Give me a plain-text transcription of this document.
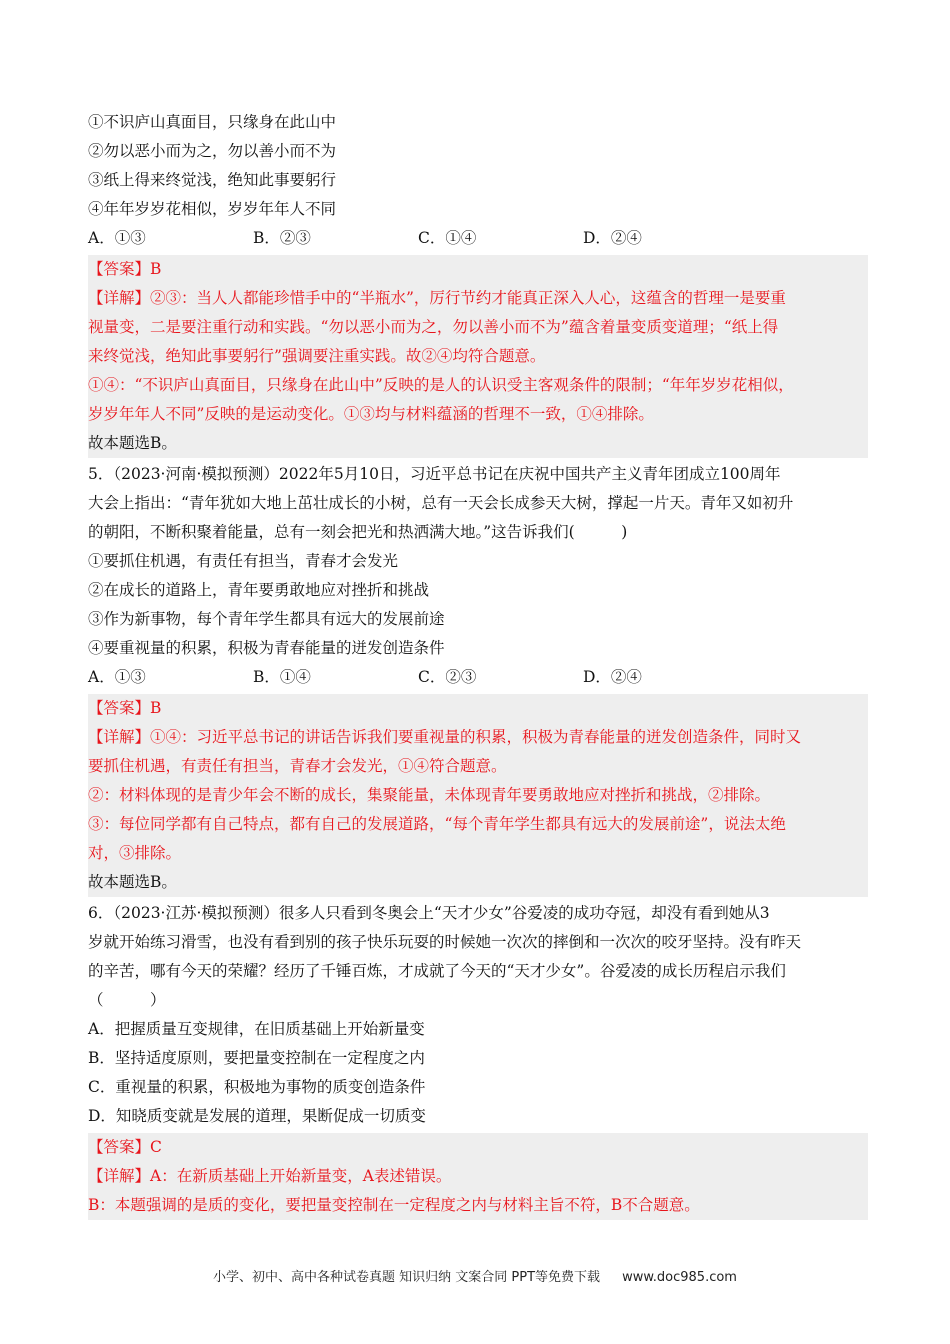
①不识庐山真面目，只缘身在此山中
②勿以恶小而为之，勿以善小而不为
③纸上得来终觉浅，绝知此事要躬行
④年年岁岁花相似，岁岁年年人不同
A．①③	B．②③	C．①④	D．②④
【答案】B
【详解】②③：当人人都能珍惜手中的“半瓶水”，厉行节约才能真正深入人心，这蕴含的哲理一是要重
视量变，二是要注重行动和实践。“勿以恶小而为之，勿以善小而不为”蕴含着量变质变道理；“纸上得
来终觉浅，绝知此事要躬行”强调要注重实践。故②④均符合题意。
①④：“不识庐山真面目，只缘身在此山中”反映的是人的认识受主客观条件的限制；“年年岁岁花相似，
岁岁年年人不同”反映的是运动变化。①③均与材料蕴涵的哲理不一致，①④排除。
故本题选B。
5．（2023·河南·模拟预测）2022年5月10日，习近平总书记在庆祝中国共产主义青年团成立100周年
大会上指出：“青年犹如大地上茁壮成长的小树，总有一天会长成参天大树，撑起一片天。青年又如初升
的朝阳，不断积聚着能量，总有一刻会把光和热洒满大地。”这告诉我们(　　　)
①要抓住机遇，有责任有担当，青春才会发光
②在成长的道路上，青年要勇敢地应对挫折和挑战
③作为新事物，每个青年学生都具有远大的发展前途
④要重视量的积累，积极为青春能量的迸发创造条件
A．①③	B．①④	C．②③	D．②④
【答案】B
【详解】①④：习近平总书记的讲话告诉我们要重视量的积累，积极为青春能量的迸发创造条件，同时又
要抓住机遇，有责任有担当，青春才会发光，①④符合题意。
②：材料体现的是青少年会不断的成长，集聚能量，未体现青年要勇敢地应对挫折和挑战，②排除。
③：每位同学都有自己特点，都有自己的发展道路，“每个青年学生都具有远大的发展前途”，说法太绝
对，③排除。
故本题选B。
6．（2023·江苏·模拟预测）很多人只看到冬奥会上“天才少女”谷爱凌的成功夺冠，却没有看到她从3
岁就开始练习滑雪，也没有看到别的孩子快乐玩耍的时候她一次次的摔倒和一次次的咬牙坚持。没有昨天
的辛苦，哪有今天的荣耀？经历了千锤百炼，才成就了今天的“天才少女”。谷爱凌的成长历程启示我们
（　　　）
A．把握质量互变规律，在旧质基础上开始新量变
B．坚持适度原则，要把量变控制在一定程度之内
C．重视量的积累，积极地为事物的质变创造条件
D．知晓质变就是发展的道理，果断促成一切质变
【答案】C
【详解】A：在新质基础上开始新量变，A表述错误。
B：本题强调的是质的变化，要把量变控制在一定程度之内与材料主旨不符，B不合题意。
小学、初中、高中各种试卷真题 知识归纳 文案合同 PPT等免费下载 www.doc985.com
